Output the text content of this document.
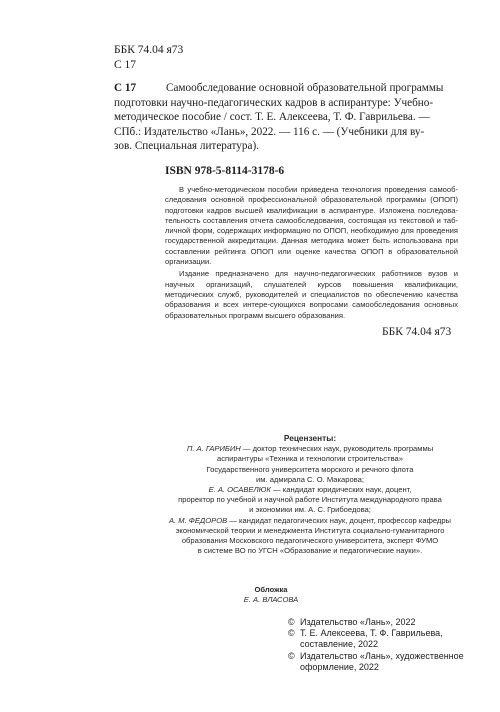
ББК 74.04 я73
С 17

С 17	Самообследование основной образовательной программы

подготовки научно-педагогических кадров в аспирантуре: Учебно-

методическое пособие / сост. Т. Е. Алексеева, Т. Ф. Гаврильева. —

СПб.: Издательство «Лань», 2022. — 116 с. — (Учебники для ву-

зов. Специальная литература).

ISBN 978-5-8114-3178-6

В учебно-методическом пособии приведена технология проведения самооб-следования основной профессиональной образовательной программы (ОПОП) подготовки кадров высшей квалификации в аспирантуре. Изложена последова-тельность составления отчета самообследования, состоящая из текстовой и таб-личной форм, содержащих информацию по ОПОП, необходимую для проведения государственной аккредитации. Данная методика может быть использована при составлении рейтинга ОПОП или оценке качества ОПОП в образовательной организации.

Издание предназначено для научно-педагогических работников вузов и научных организаций, слушателей курсов повышения квалификации, методических служб, руководителей и специалистов по обеспечению качества образования и всех интере-сующихся вопросами самообследования основных образовательных программ высшего образования.

ББК 74.04 я73
Рецензенты:

П. А. ГАРИБИН — доктор технических наук, руководитель программы

аспирантуры «Техника и технологии строительства»

Государственного университета морского и речного флота

им. адмирала С. О. Макарова;

Е. А. ОСАВЕЛЮК — кандидат юридических наук, доцент,

проректор по учебной и научной работе Института международного права

и экономики им. А. С. Грибоедова;

А. М. ФЕДОРОВ — кандидат педагогических наук, доцент, профессор кафедры

экономической теории и менеджмента Института социально-гуманитарного

образования Московского педагогического университета, эксперт ФУМО

в системе ВО по УГСН «Образование и педагогические науки».

Обложка
Е. А. ВЛАСОВА
© Издательство «Лань», 2022
© Т. Е. Алексеева, Т. Ф. Гаврильева, составление, 2022
© Издательство «Лань», художественное оформление, 2022
